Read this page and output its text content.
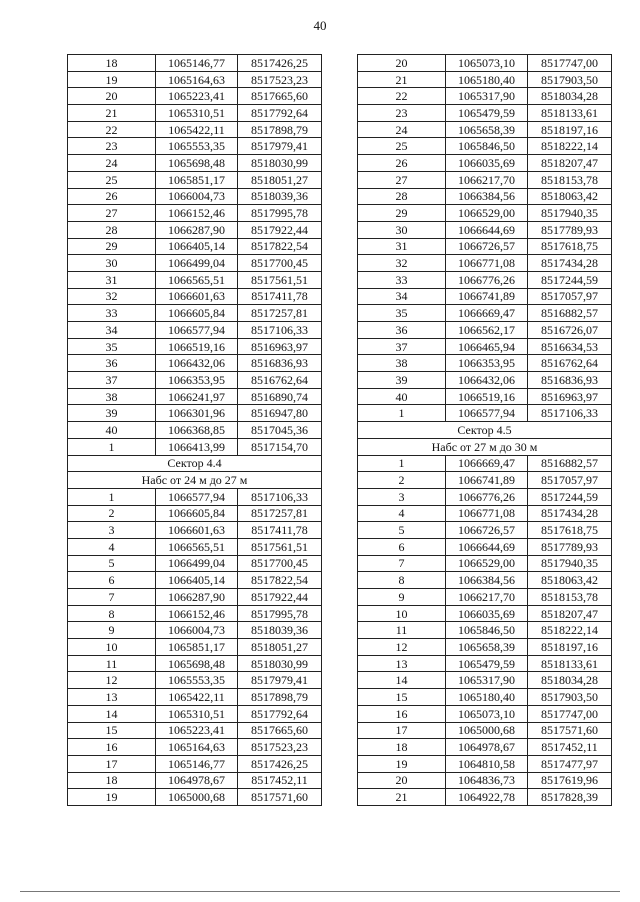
40
18	1065146,77	8517426,25
19	1065164,63	8517523,23
20	1065223,41	8517665,60
21	1065310,51	8517792,64
22	1065422,11	8517898,79
23	1065553,35	8517979,41
24	1065698,48	8518030,99
25	1065851,17	8518051,27
26	1066004,73	8518039,36
27	1066152,46	8517995,78
28	1066287,90	8517922,44
29	1066405,14	8517822,54
30	1066499,04	8517700,45
31	1066565,51	8517561,51
32	1066601,63	8517411,78
33	1066605,84	8517257,81
34	1066577,94	8517106,33
35	1066519,16	8516963,97
36	1066432,06	8516836,93
37	1066353,95	8516762,64
38	1066241,97	8516890,74
39	1066301,96	8516947,80
40	1066368,85	8517045,36
1	1066413,99	8517154,70
Сектор 4.4		
Набс от 24 м до 27 м		
1	1066577,94	8517106,33
2	1066605,84	8517257,81
3	1066601,63	8517411,78
4	1066565,51	8517561,51
5	1066499,04	8517700,45
6	1066405,14	8517822,54
7	1066287,90	8517922,44
8	1066152,46	8517995,78
9	1066004,73	8518039,36
10	1065851,17	8518051,27
11	1065698,48	8518030,99
12	1065553,35	8517979,41
13	1065422,11	8517898,79
14	1065310,51	8517792,64
15	1065223,41	8517665,60
16	1065164,63	8517523,23
17	1065146,77	8517426,25
18	1064978,67	8517452,11
19	1065000,68	8517571,60
20	1065073,10	8517747,00
21	1065180,40	8517903,50
22	1065317,90	8518034,28
23	1065479,59	8518133,61
24	1065658,39	8518197,16
25	1065846,50	8518222,14
26	1066035,69	8518207,47
27	1066217,70	8518153,78
28	1066384,56	8518063,42
29	1066529,00	8517940,35
30	1066644,69	8517789,93
31	1066726,57	8517618,75
32	1066771,08	8517434,28
33	1066776,26	8517244,59
34	1066741,89	8517057,97
35	1066669,47	8516882,57
36	1066562,17	8516726,07
37	1066465,94	8516634,53
38	1066353,95	8516762,64
39	1066432,06	8516836,93
40	1066519,16	8516963,97
1	1066577,94	8517106,33
Сектор 4.5		
Набс от 27 м до 30 м		
1	1066669,47	8516882,57
2	1066741,89	8517057,97
3	1066776,26	8517244,59
4	1066771,08	8517434,28
5	1066726,57	8517618,75
6	1066644,69	8517789,93
7	1066529,00	8517940,35
8	1066384,56	8518063,42
9	1066217,70	8518153,78
10	1066035,69	8518207,47
11	1065846,50	8518222,14
12	1065658,39	8518197,16
13	1065479,59	8518133,61
14	1065317,90	8518034,28
15	1065180,40	8517903,50
16	1065073,10	8517747,00
17	1065000,68	8517571,60
18	1064978,67	8517452,11
19	1064810,58	8517477,97
20	1064836,73	8517619,96
21	1064922,78	8517828,39
